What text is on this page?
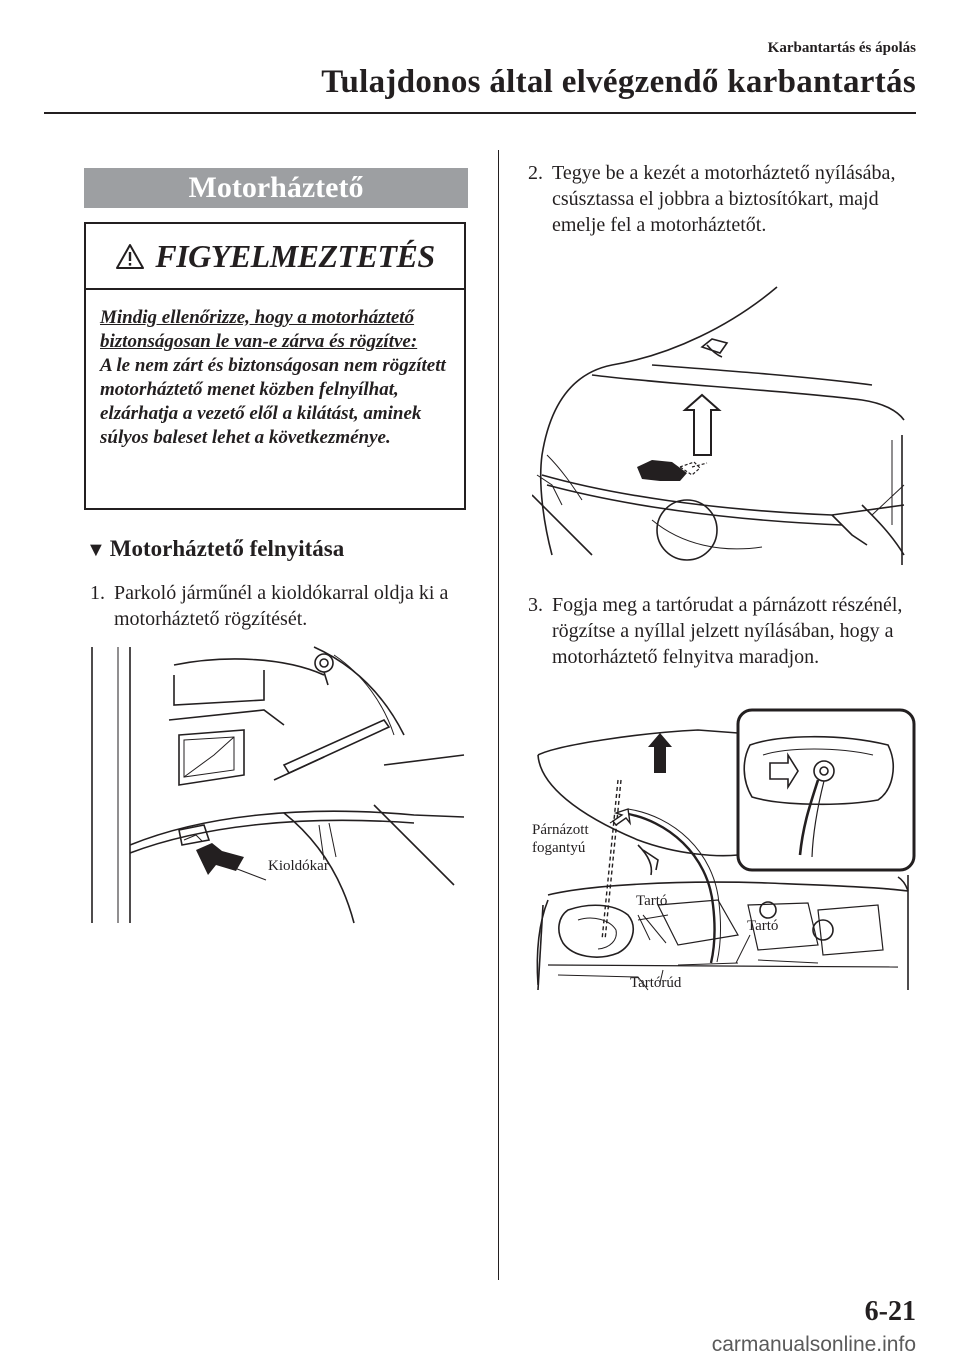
Karbantartás és ápolás
Tulajdonos által elvégzendő karbantartás
Motorháztető
FIGYELMEZTETÉS
Mindig ellenőrizze, hogy a motorháztető biztonságosan le van-e zárva és rögzítve:
A le nem zárt és biztonságosan nem rögzített motorháztető menet közben felnyílhat, elzárhatja a vezető elől a kilátást, aminek súlyos baleset lehet a következménye.
▼ Motorháztető felnyitása
1. Parkoló járműnél a kioldókarral oldja ki a motorháztető rögzítését.
Kioldókar
2. Tegye be a kezét a motorháztető nyílásába, csúsztassa el jobbra a biztosítókart, majd emelje fel a motorháztetőt.
3. Fogja meg a tartórudat a párnázott részénél, rögzítse a nyíllal jelzett nyílásában, hogy a motorháztető felnyitva maradjon.
Párnázott
fogantyú
Tartó
Tartó
Tartórúd
6-21
carmanualsonline.info
